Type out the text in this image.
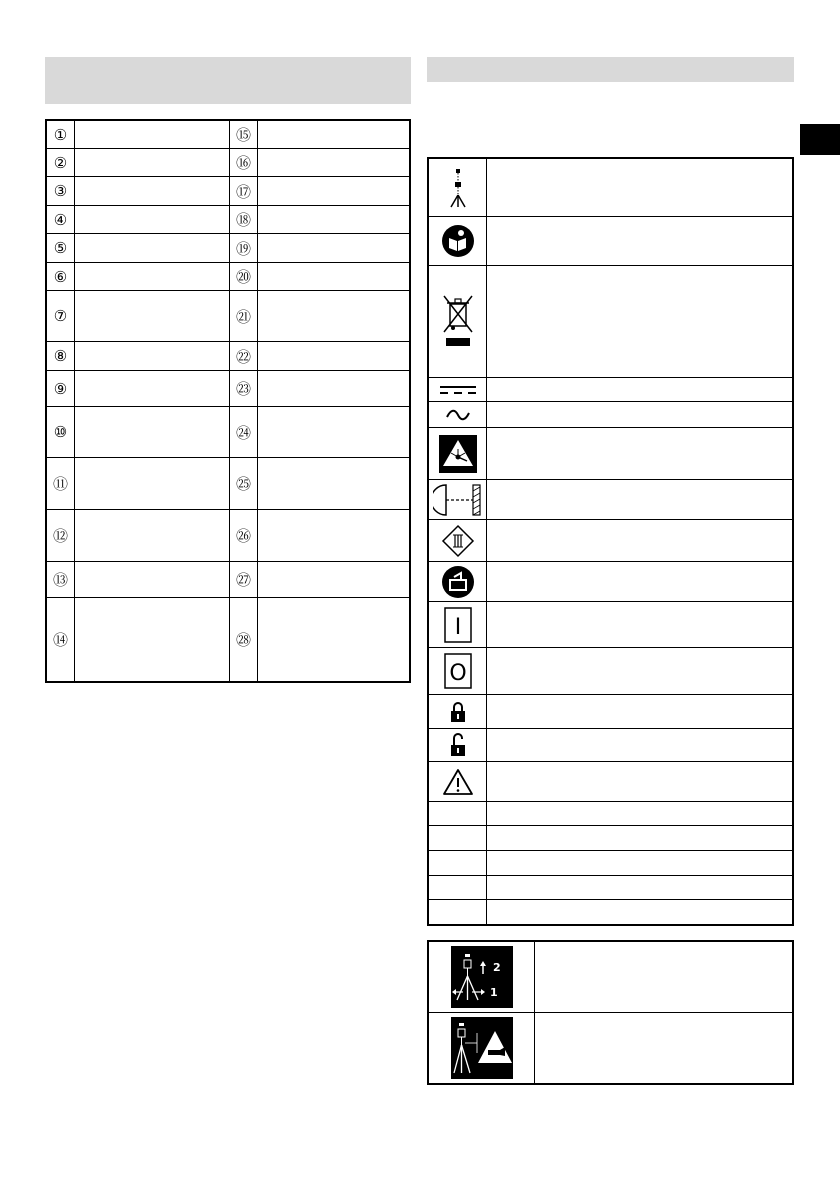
①	⑮
②	⑯
③	⑰
④	⑱
⑤	⑲
⑥	⑳
⑦	㉑
⑧	㉒
⑨	㉓
⑩	㉔
⑪	㉕
⑫	㉖
⑬	㉗
⑭	㉘
I
O
2
1
